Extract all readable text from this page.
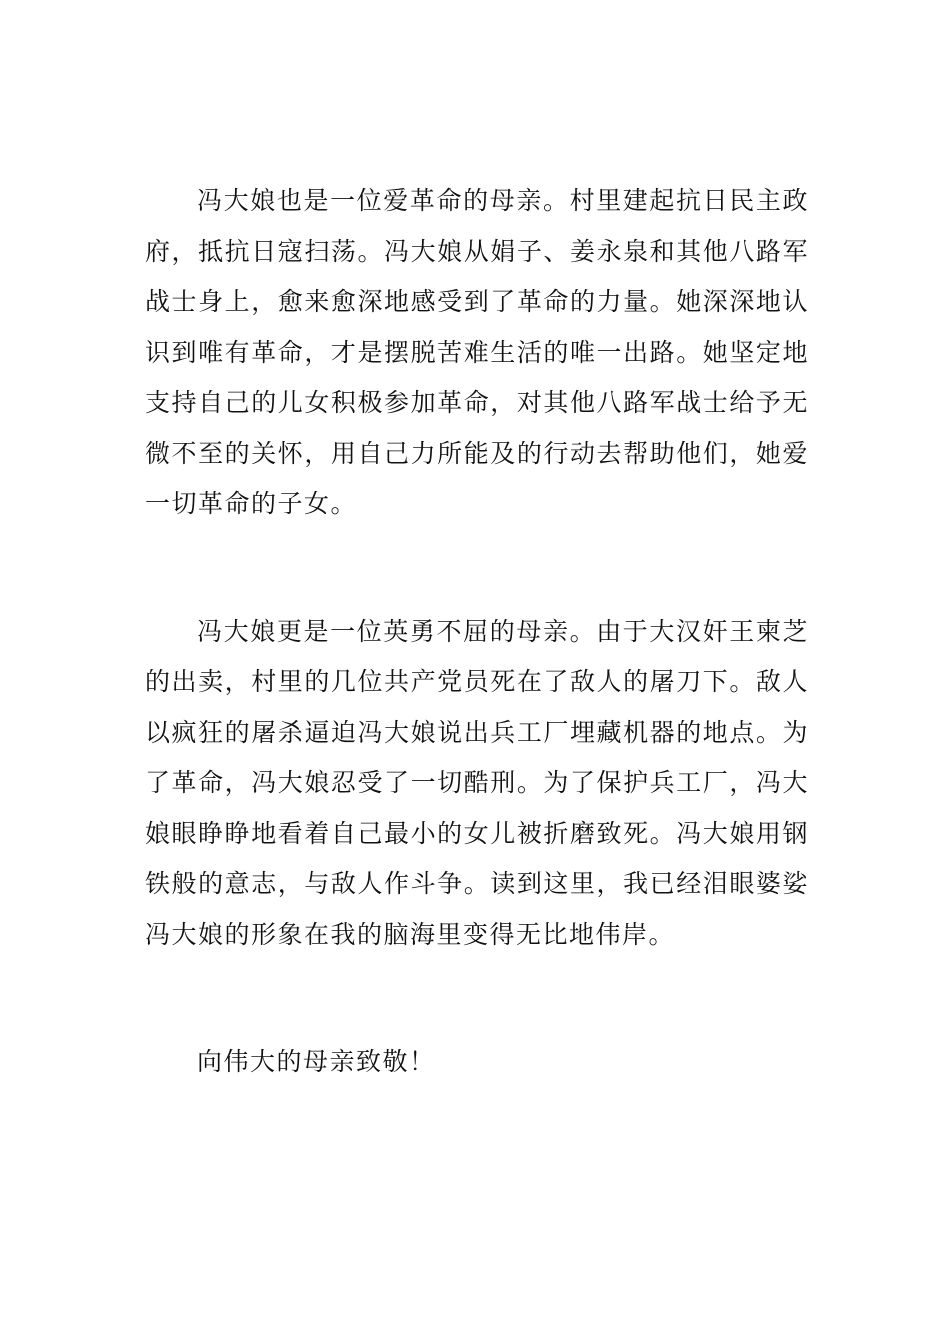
冯大娘也是一位爱革命的母亲。村里建起抗日民主政府，抵抗日寇扫荡。冯大娘从娟子、姜永泉和其他八路军战士身上，愈来愈深地感受到了革命的力量。她深深地认识到唯有革命，才是摆脱苦难生活的唯一出路。她坚定地支持自己的儿女积极参加革命，对其他八路军战士给予无微不至的关怀，用自己力所能及的行动去帮助他们，她爱一切革命的子女。

冯大娘更是一位英勇不屈的母亲。由于大汉奸王柬芝的出卖，村里的几位共产党员死在了敌人的屠刀下。敌人以疯狂的屠杀逼迫冯大娘说出兵工厂埋藏机器的地点。为了革命，冯大娘忍受了一切酷刑。为了保护兵工厂，冯大娘眼睁睁地看着自己最小的女儿被折磨致死。冯大娘用钢铁般的意志，与敌人作斗争。读到这里，我已经泪眼婆娑冯大娘的形象在我的脑海里变得无比地伟岸。

向伟大的母亲致敬！
